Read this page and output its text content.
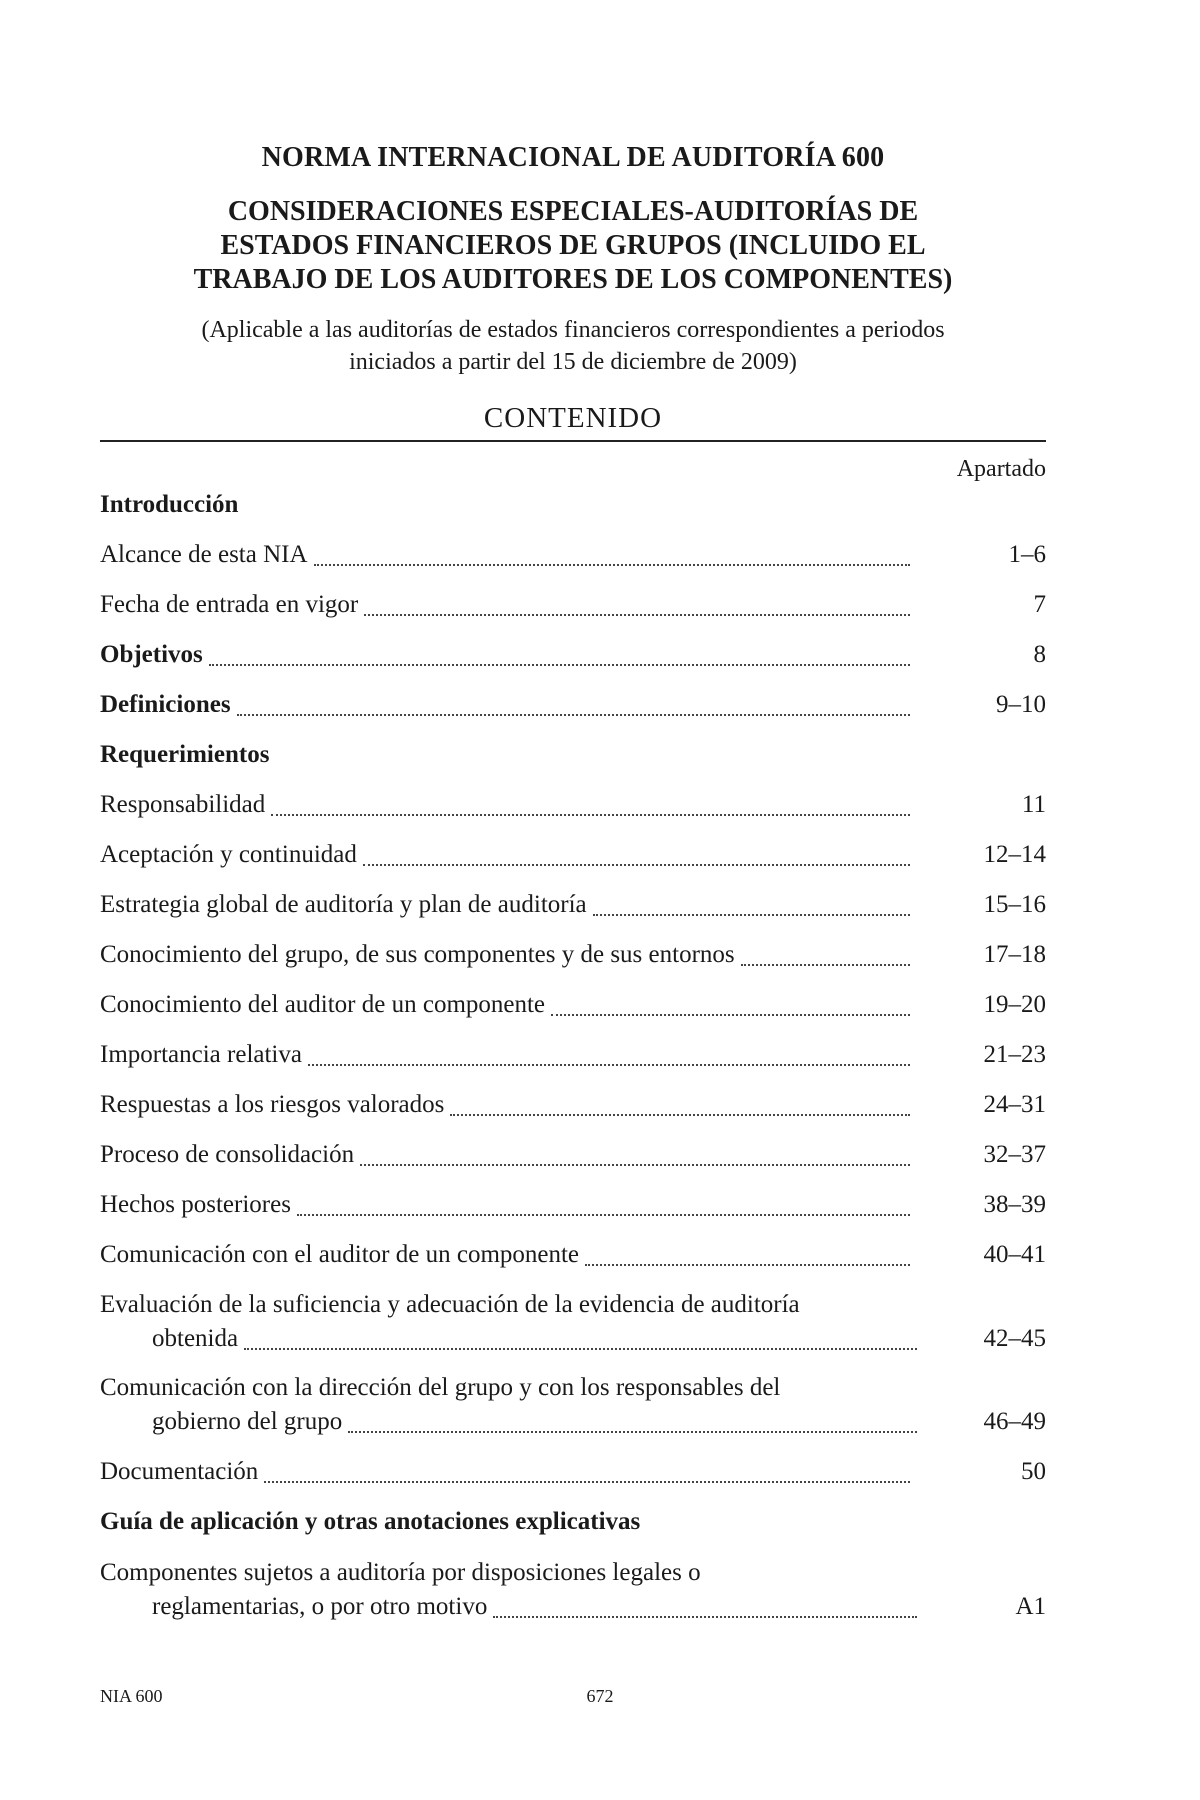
NORMA INTERNACIONAL DE AUDITORÍA 600
CONSIDERACIONES ESPECIALES-AUDITORÍAS DE
ESTADOS FINANCIEROS DE GRUPOS (INCLUIDO EL
TRABAJO DE LOS AUDITORES DE LOS COMPONENTES)
(Aplicable a las auditorías de estados financieros correspondientes a periodos
iniciados a partir del 15 de diciembre de 2009)
CONTENIDO
Apartado
Introducción
Alcance de esta NIA	1–6
Fecha de entrada en vigor	7
Objetivos	8
Definiciones	9–10
Requerimientos
Responsabilidad	11
Aceptación y continuidad	12–14
Estrategia global de auditoría y plan de auditoría	15–16
Conocimiento del grupo, de sus componentes y de sus entornos	17–18
Conocimiento del auditor de un componente	19–20
Importancia relativa	21–23
Respuestas a los riesgos valorados	24–31
Proceso de consolidación	32–37
Hechos posteriores	38–39
Comunicación con el auditor de un componente	40–41
Evaluación de la suficiencia y adecuación de la evidencia de auditoría
obtenida	42–45
Comunicación con la dirección del grupo y con los responsables del
gobierno del grupo	46–49
Documentación	50
Guía de aplicación y otras anotaciones explicativas
Componentes sujetos a auditoría por disposiciones legales o
reglamentarias, o por otro motivo	A1
NIA 600	672
